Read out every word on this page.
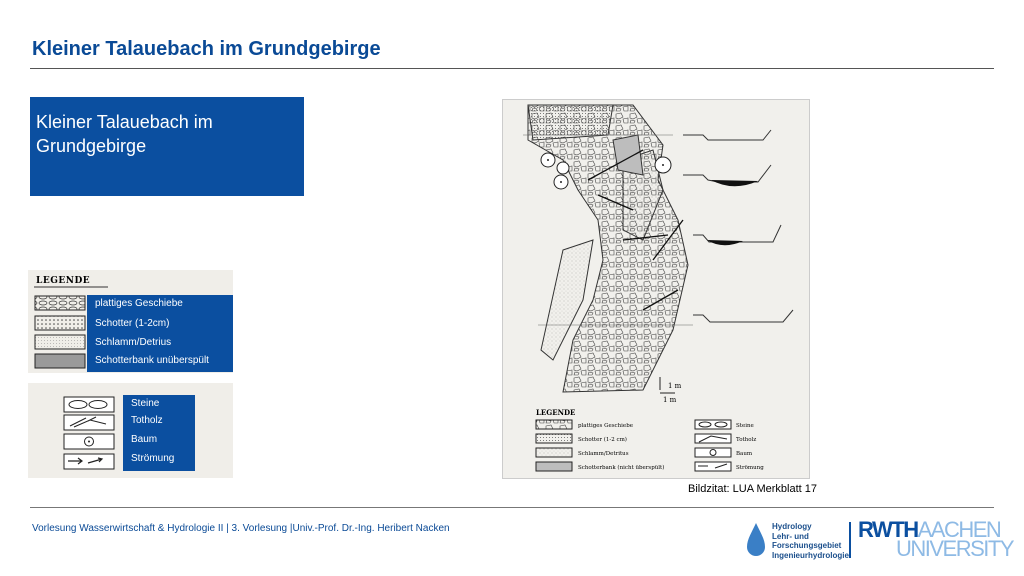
Kleiner Talauebach im Grundgebirge
Kleiner Talauebach im Grundgebirge
LEGENDE
plattiges Geschiebe
Schotter (1-2cm)
Schlamm/Detrius
Schotterbank unüberspült
Steine
Totholz
Baum
Strömung
1 m
1 m
LEGENDE
plattiges Geschiebe
Schotter (1-2 cm)
Schlamm/Detritus
Schotterbank (nicht überspült)
Steine
Totholz
Baum
Strömung
Bildzitat: LUA Merkblatt 17
Vorlesung Wasserwirtschaft & Hydrologie II | 3. Vorlesung |Univ.-Prof. Dr.-Ing. Heribert Nacken	Hydrology
Lehr- und
Forschungsgebiet
Ingenieurhydrologie
RWTHAACHEN
UNIVERSITY
